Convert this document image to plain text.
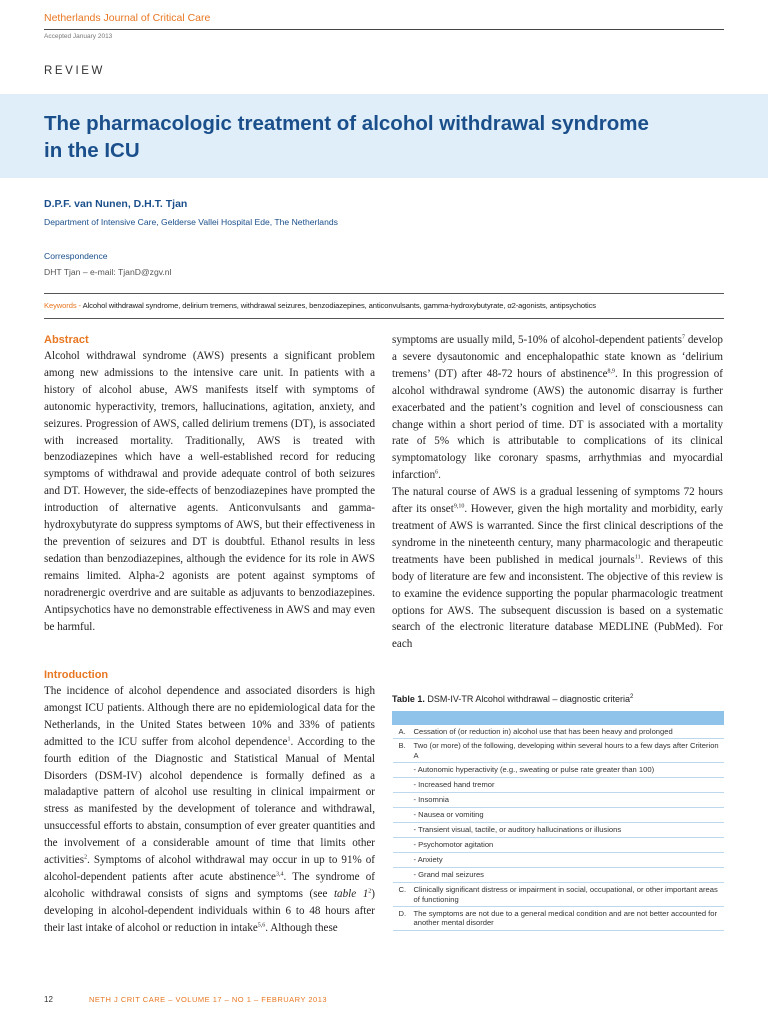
Netherlands Journal of Critical Care
Accepted January 2013
REVIEW
The pharmacologic treatment of alcohol withdrawal syndrome in the ICU
D.P.F. van Nunen, D.H.T. Tjan
Department of Intensive Care, Gelderse Vallei Hospital Ede, The Netherlands
Correspondence
DHT Tjan – e-mail: TjanD@zgv.nl
Keywords - Alcohol withdrawal syndrome, delirium tremens, withdrawal seizures, benzodiazepines, anticonvulsants, gamma-hydroxybutyrate, α2-agonists, antipsychotics
Abstract

Alcohol withdrawal syndrome (AWS) presents a significant problem among new admissions to the intensive care unit. In patients with a history of alcohol abuse, AWS manifests itself with symptoms of autonomic hyperactivity, tremors, hallucinations, agitation, anxiety, and seizures. Progression of AWS, called delirium tremens (DT), is associated with increased mortality. Traditionally, AWS is treated with benzodiazepines which have a well-established record for reducing symptoms of withdrawal and provide adequate control of both seizures and DT. However, the side-effects of benzodiazepines have prompted the introduction of alternative agents. Anticonvulsants and gamma-hydroxybutyrate do suppress symptoms of AWS, but their effectiveness in the prevention of seizures and DT is doubtful. Ethanol results in less sedation than benzodiazepines, although the evidence for its role in AWS remains limited. Alpha-2 agonists are potent against symptoms of noradrenergic overdrive and are suitable as adjuvants to benzodiazepines. Antipsychotics have no demonstrable effectiveness in AWS and may even be harmful.

Introduction

The incidence of alcohol dependence and associated disorders is high amongst ICU patients. Although there are no epidemiological data for the Netherlands, in the United States between 10% and 33% of patients admitted to the ICU suffer from alcohol dependence$^1$. According to the fourth edition of the Diagnostic and Statistical Manual of Mental Disorders (DSM-IV) alcohol dependence is formally defined as a maladaptive pattern of alcohol use resulting in clinical impairment or stress as manifested by the development of tolerance and withdrawal, unsuccessful efforts to abstain, consumption of ever greater quantities and the involvement of a considerable amount of time that limits other activities$^2$. Symptoms of alcohol withdrawal may occur in up to 91% of alcohol-dependent patients after acute abstinence$^{3,4}$. The syndrome of alcoholic withdrawal consists of signs and symptoms (see table $1^2$) developing in alcohol-dependent individuals within 6 to 48 hours after their last intake of alcohol or reduction in intake$^{5,6}$. Although these

symptoms are usually mild, 5-10% of alcohol-dependent patients$^7$ develop a severe dysautonomic and encephalopathic state known as ‘delirium tremens’ (DT) after 48-72 hours of abstinence$^{8,9}$. In this progression of alcohol withdrawal syndrome (AWS) the autonomic disarray is further exacerbated and the patient’s cognition and level of consciousness can change within a short period of time. DT is associated with a mortality rate of 5% which is attributable to complications of its clinical symptomatology like coronary spasms, arrhythmias and myocardial infarction$^6$.

The natural course of AWS is a gradual lessening of symptoms 72 hours after its onset$^{9,10}$. However, given the high mortality and morbidity, early treatment of AWS is warranted. Since the first clinical descriptions of the syndrome in the nineteenth century, many pharmacologic and therapeutic treatments have been published in medical journals$^{11}$. Reviews of this body of literature are few and inconsistent. The objective of this review is to examine the evidence supporting the popular pharmacologic treatment options for AWS. The subsequent discussion is based on a systematic search of the electronic literature database MEDLINE (PubMed). For each

Table 1. DSM-IV-TR Alcohol withdrawal – diagnostic criteria$^2$

A.	Cessation of (or reduction in) alcohol use that has been heavy and prolonged
B.	Two (or more) of the following, developing within several hours to a few days after Criterion A
	- Autonomic hyperactivity (e.g., sweating or pulse rate greater than 100)
	- Increased hand tremor
	- Insomnia
	- Nausea or vomiting
	- Transient visual, tactile, or auditory hallucinations or illusions
	- Psychomotor agitation
	- Anxiety
	- Grand mal seizures
C.	Clinically significant distress or impairment in social, occupational, or other important areas of functioning
D.	The symptoms are not due to a general medical condition and are not better accounted for another mental disorder
12	NETH J CRIT CARE – VOLUME 17 – NO 1 – FEBRUARY 2013
